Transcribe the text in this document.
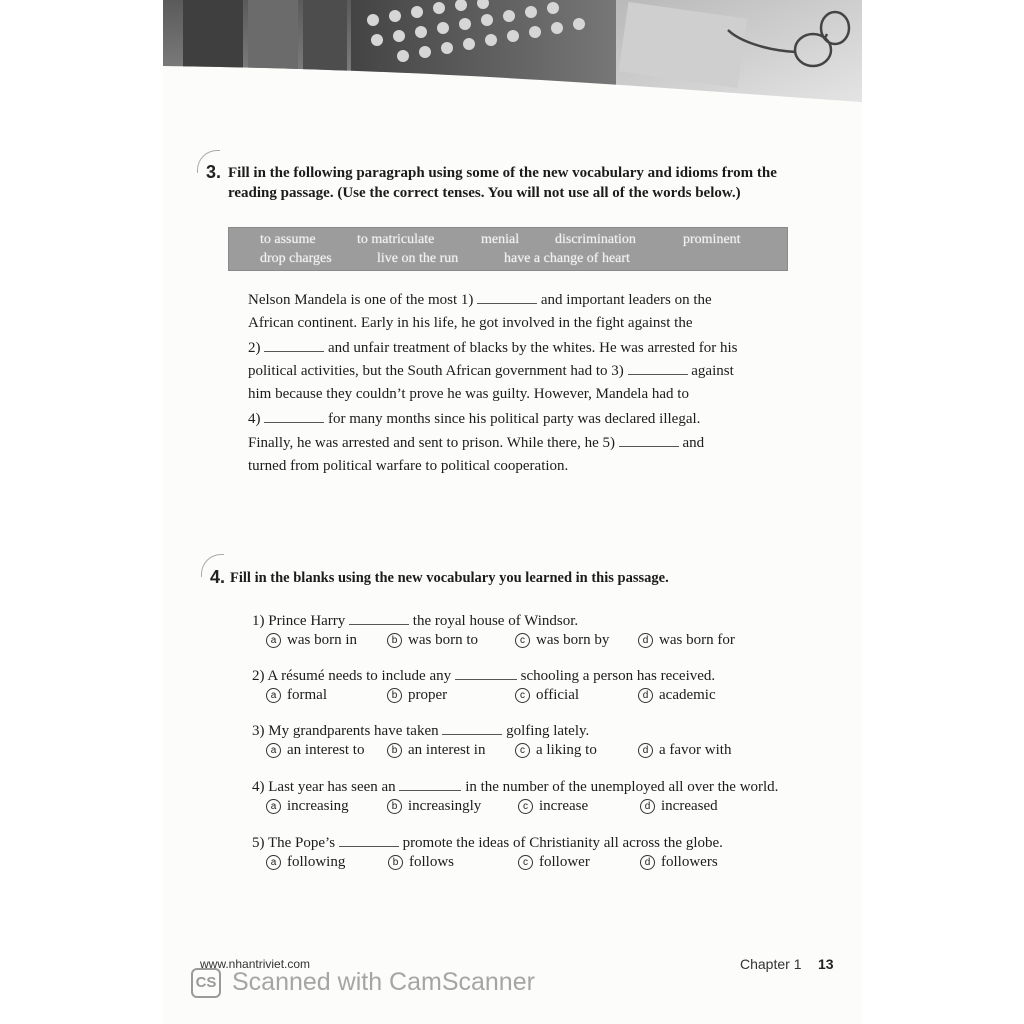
3. Fill in the following paragraph using some of the new vocabulary and idioms from the
reading passage. (Use the correct tenses. You will not use all of the words below.)
to assume	to matriculate	menial	discrimination	prominent
drop charges	live on the run	have a change of heart
Nelson Mandela is one of the most 1)	and important leaders on the
African continent. Early in his life, he got involved in the fight against the
2)	and unfair treatment of blacks by the whites. He was arrested for his
political activities, but the South African government had to 3)	against
him because they couldn’t prove he was guilty. However, Mandela had to
4)	for many months since his political party was declared illegal.
Finally, he was arrested and sent to prison. While there, he 5)	and
turned from political warfare to political cooperation.
4. Fill in the blanks using the new vocabulary you learned in this passage.
1) Prince Harry	the royal house of Windsor.
a was born in	b was born to	c was born by	d was born for
2) A résumé needs to include any	schooling a person has received.
a formal	b proper	c official	d academic
3) My grandparents have taken	golfing lately.
a an interest to	b an interest in	c a liking to	d a favor with
4) Last year has seen an	in the number of the unemployed all over the world.
a increasing	b increasingly	c increase	d increased
5) The Pope’s	promote the ideas of Christianity all across the globe.
a following	b follows	c follower	d followers
www.nhantriviet.com	Chapter 1 13
CS Scanned with CamScanner
